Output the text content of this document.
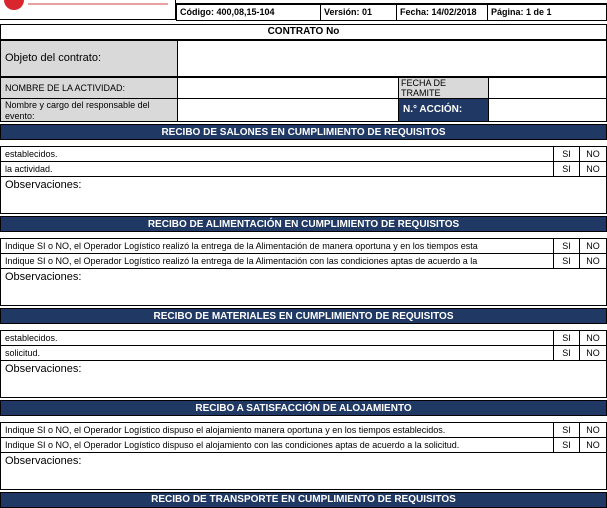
Código: 400,08,15-104	Versión: 01	Fecha: 14/02/2018	Página: 1 de 1
CONTRATO No
Objeto del contrato:
NOMBRE DE LA ACTIVIDAD:	FECHA DE TRAMITE
Nombre y cargo del responsable del evento:
N.° ACCIÓN:
RECIBO DE SALONES EN CUMPLIMIENTO DE REQUISITOS
establecidos.	SI	NO
la actividad.	SI	NO
Observaciones:
RECIBO DE ALIMENTACIÓN EN CUMPLIMIENTO DE REQUISITOS
Indique SI o NO, el Operador Logístico realizó la entrega de la Alimentación de manera oportuna y en los tiempos esta	SI	NO
Indique SI o NO, el Operador Logístico realizó la entrega de la Alimentación con las condiciones aptas de acuerdo a la	SI	NO
Observaciones:
RECIBO DE MATERIALES EN CUMPLIMIENTO DE REQUISITOS
establecidos.	SI	NO
solicitud.	SI	NO
Observaciones:
RECIBO A SATISFACCIÓN DE ALOJAMIENTO
Indique SI o NO, el Operador Logístico dispuso el alojamiento manera oportuna y en los tiempos establecidos.	SI	NO
Indique SI o NO, el Operador Logístico dispuso el alojamiento con las condiciones aptas de acuerdo a la solicitud.	SI	NO
Observaciones:
RECIBO DE TRANSPORTE EN CUMPLIMIENTO DE REQUISITOS
